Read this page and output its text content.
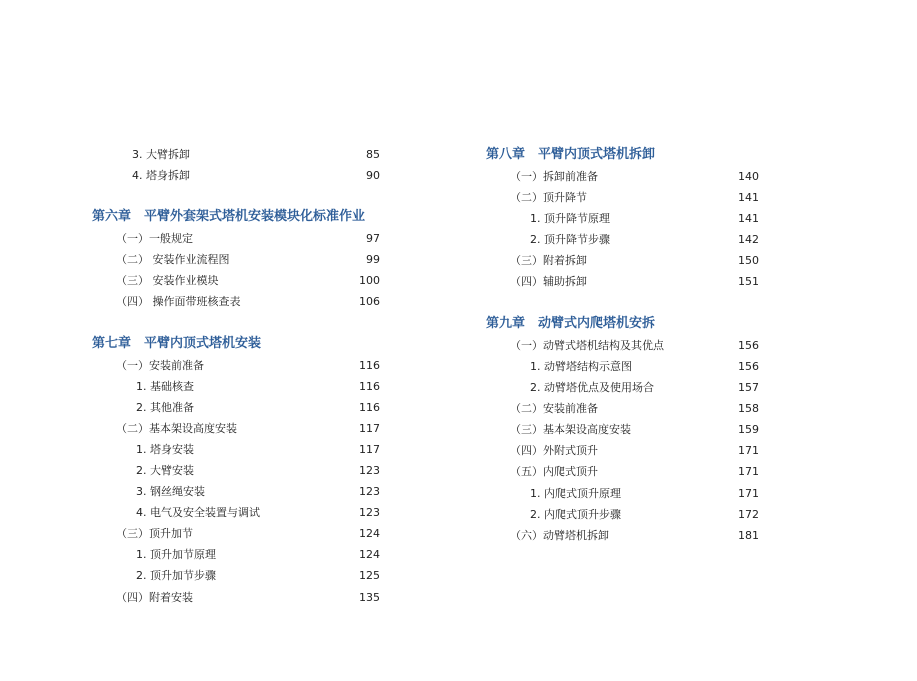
3. 大臂拆卸	85
4. 塔身拆卸	90
第六章　平臂外套架式塔机安装模块化标准作业
（一）一般规定	97
（二） 安装作业流程图	99
（三） 安装作业模块	100
（四） 操作面带班核查表	106
第七章　平臂内顶式塔机安装
（一）安装前准备	116
1. 基础核查	116
2. 其他准备	116
（二）基本架设高度安装	117
1. 塔身安装	117
2. 大臂安装	123
3. 钢丝绳安装	123
4. 电气及安全装置与调试	123
（三）顶升加节	124
1. 顶升加节原理	124
2. 顶升加节步骤	125
（四）附着安装	135
第八章　平臂内顶式塔机拆卸
（一）拆卸前准备	140
（二）顶升降节	141
1. 顶升降节原理	141
2. 顶升降节步骤	142
（三）附着拆卸	150
（四）辅助拆卸	151
第九章　动臂式内爬塔机安拆
（一）动臂式塔机结构及其优点	156
1. 动臂塔结构示意图	156
2. 动臂塔优点及使用场合	157
（二）安装前准备	158
（三）基本架设高度安装	159
（四）外附式顶升	171
（五）内爬式顶升	171
1. 内爬式顶升原理	171
2. 内爬式顶升步骤	172
（六）动臂塔机拆卸	181
